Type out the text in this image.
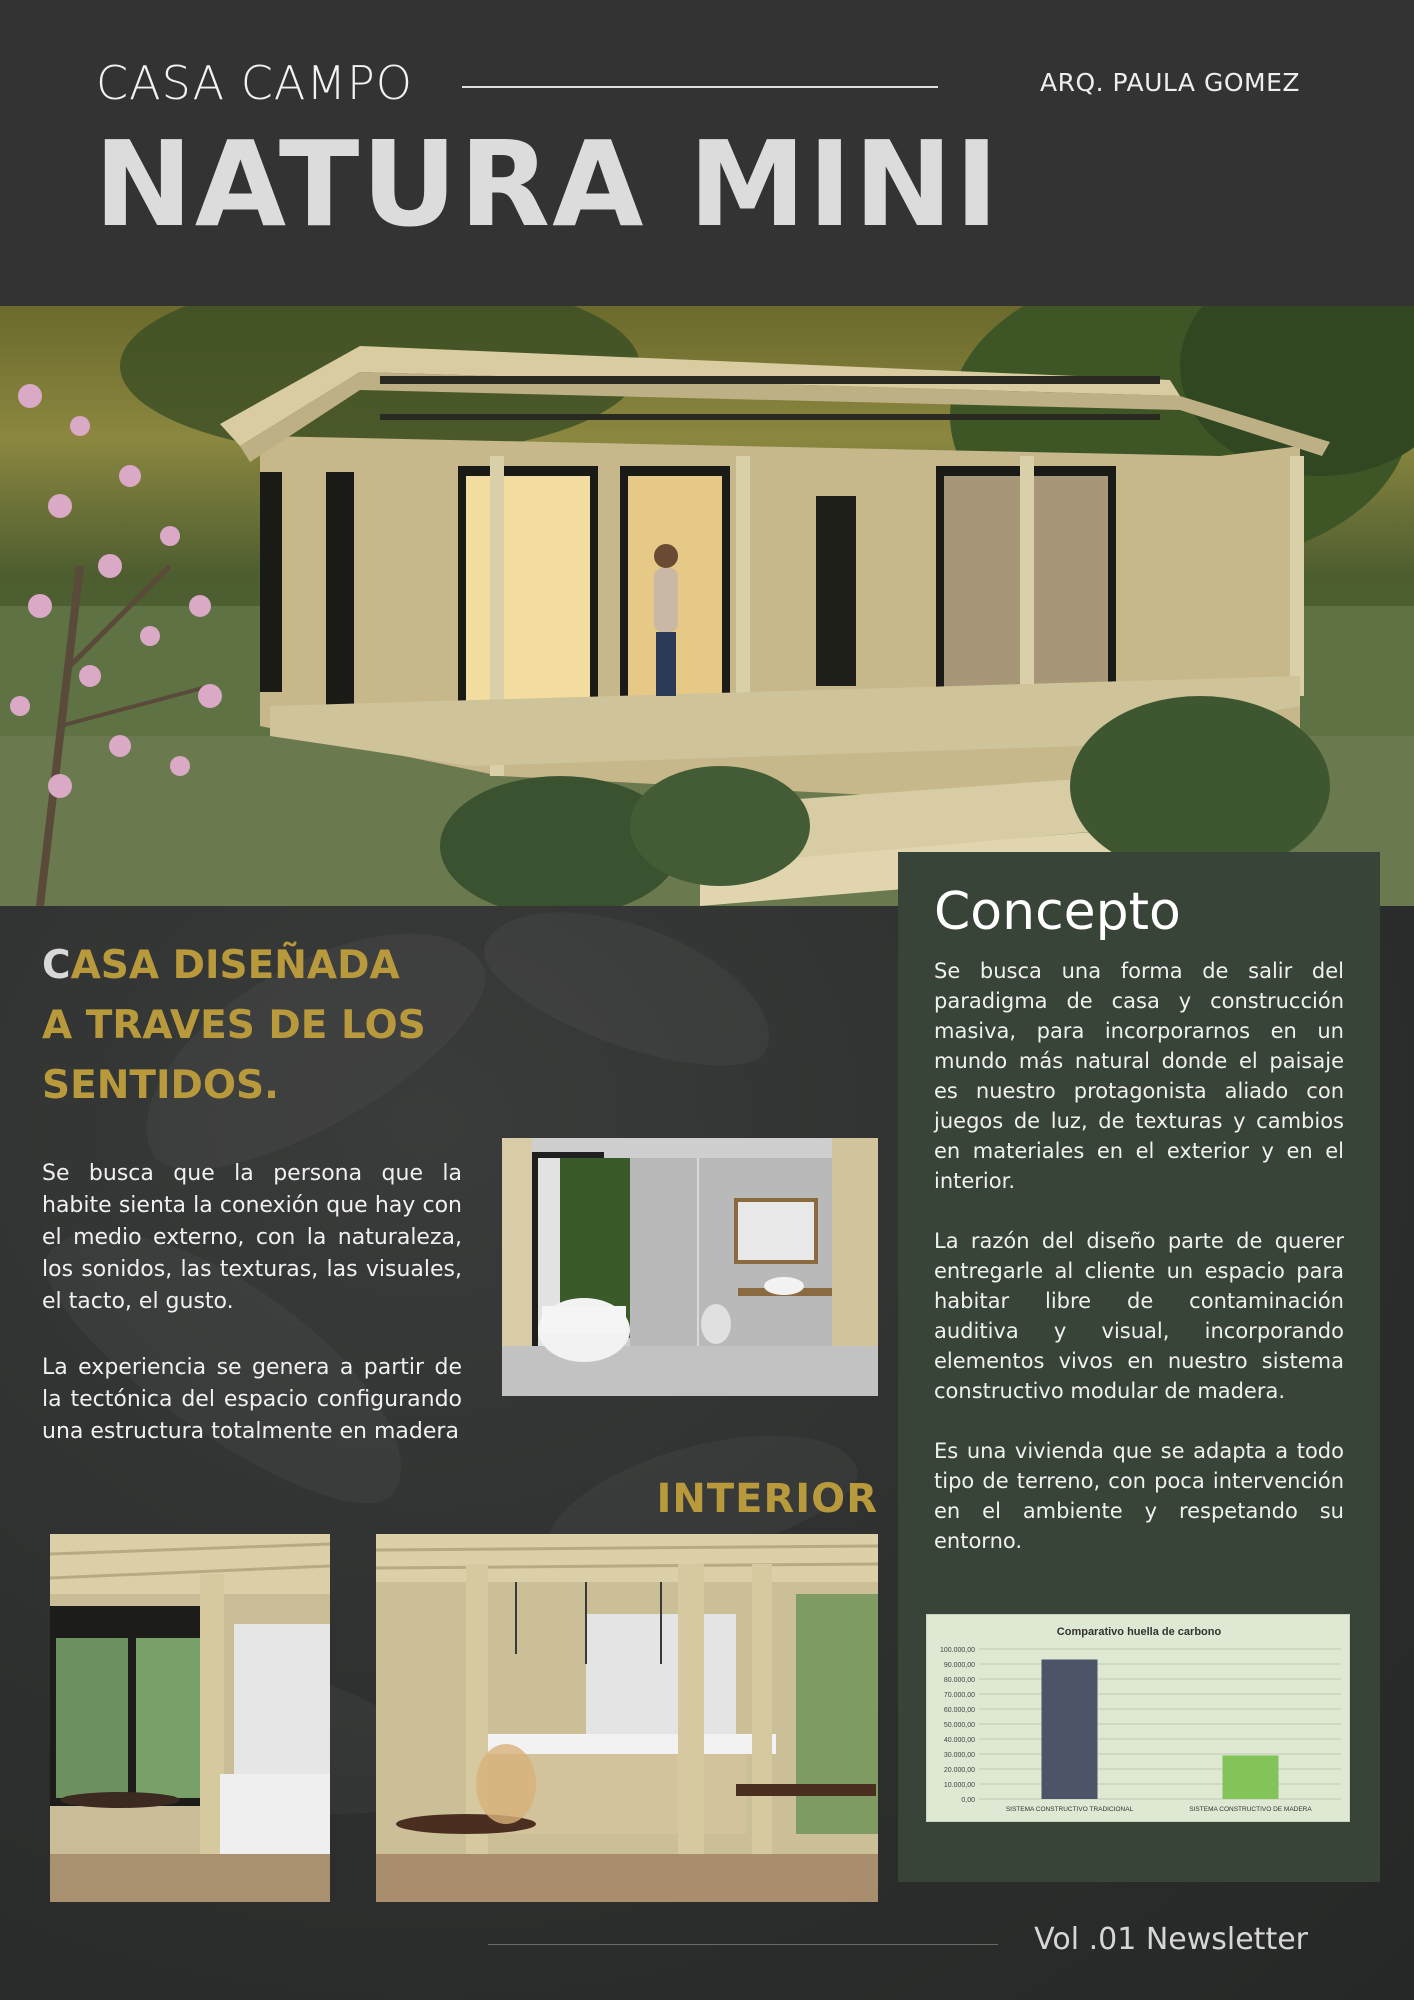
CASA CAMPO	ARQ. PAULA GOMEZ
NATURA MINI
CASA DISEÑADA A TRAVES DE LOS SENTIDOS.
Se busca que la persona que la habite sienta la conexión que hay con el medio externo, con la naturaleza, los sonidos, las texturas, las visuales, el tacto, el gusto.
La experiencia se genera a partir de la tectónica del espacio configurando una estructura totalmente en madera
INTERIOR
Concepto
Se busca una forma de salir del paradigma de casa y construcción masiva, para incorporarnos en un mundo más natural donde el paisaje es nuestro protagonista aliado con juegos de luz, de texturas y cambios en materiales en el exterior y en el interior.
La razón del diseño parte de querer entregarle al cliente un espacio para habitar libre de contaminación auditiva y visual, incorporando elementos vivos en nuestro sistema constructivo modular de madera.
Es una vivienda que se adapta a todo tipo de terreno, con poca intervención en el ambiente y respetando su entorno.
Comparativo huella de carbono
0,00
10.000,00
20.000,00
30.000,00
40.000,00
50.000,00
60.000,00
70.000,00
80.000,00
90.000,00
100.000,00
SISTEMA CONSTRUCTIVO TRADICIONAL	SISTEMA CONSTRUCTIVO DE MADERA
Vol .01 Newsletter
